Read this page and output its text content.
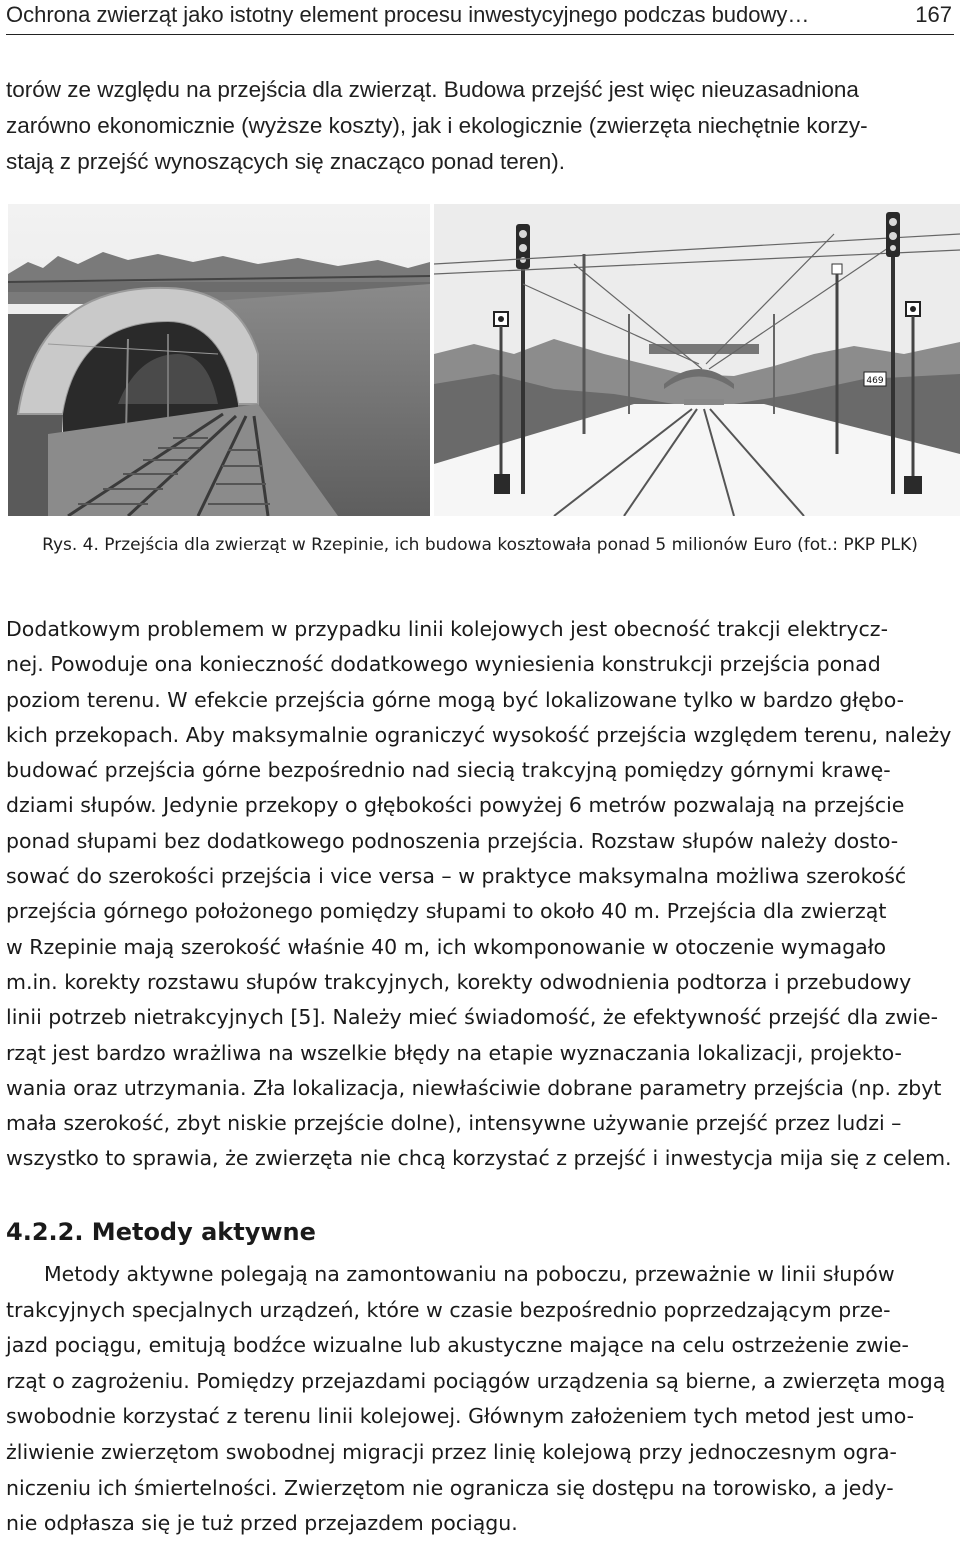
Ochrona zwierząt jako istotny element procesu inwestycyjnego podczas budowy…	167
torów ze względu na przejścia dla zwierząt. Budowa przejść jest więc nieuzasadniona
zarówno ekonomicznie (wyższe koszty), jak i ekologicznie (zwierzęta niechętnie korzy-
stają z przejść wynoszących się znacząco ponad teren).
469
Rys. 4. Przejścia dla zwierząt w Rzepinie, ich budowa kosztowała ponad 5 milionów Euro (fot.: PKP PLK)
Dodatkowym problemem w przypadku linii kolejowych jest obecność trakcji elektrycz-
nej. Powoduje ona konieczność dodatkowego wyniesienia konstrukcji przejścia ponad
poziom terenu. W efekcie przejścia górne mogą być lokalizowane tylko w bardzo głębo-
kich przekopach. Aby maksymalnie ograniczyć wysokość przejścia względem terenu, należy
budować przejścia górne bezpośrednio nad siecią trakcyjną pomiędzy górnymi krawę-
dziami słupów. Jedynie przekopy o głębokości powyżej 6 metrów pozwalają na przejście
ponad słupami bez dodatkowego podnoszenia przejścia. Rozstaw słupów należy dosto-
sować do szerokości przejścia i vice versa – w praktyce maksymalna możliwa szerokość
przejścia górnego położonego pomiędzy słupami to około 40 m. Przejścia dla zwierząt
w Rzepinie mają szerokość właśnie 40 m, ich wkomponowanie w otoczenie wymagało
m.in. korekty rozstawu słupów trakcyjnych, korekty odwodnienia podtorza i przebudowy
linii potrzeb nietrakcyjnych [5]. Należy mieć świadomość, że efektywność przejść dla zwie-
rząt jest bardzo wrażliwa na wszelkie błędy na etapie wyznaczania lokalizacji, projekto-
wania oraz utrzymania. Zła lokalizacja, niewłaściwie dobrane parametry przejścia (np. zbyt
mała szerokość, zbyt niskie przejście dolne), intensywne używanie przejść przez ludzi –
wszystko to sprawia, że zwierzęta nie chcą korzystać z przejść i inwestycja mija się z celem.
4.2.2. Metody aktywne
Metody aktywne polegają na zamontowaniu na poboczu, przeważnie w linii słupów
trakcyjnych specjalnych urządzeń, które w czasie bezpośrednio poprzedzającym prze-
jazd pociągu, emitują bodźce wizualne lub akustyczne mające na celu ostrzeżenie zwie-
rząt o zagrożeniu. Pomiędzy przejazdami pociągów urządzenia są bierne, a zwierzęta mogą
swobodnie korzystać z terenu linii kolejowej. Głównym założeniem tych metod jest umo-
żliwienie zwierzętom swobodnej migracji przez linię kolejową przy jednoczesnym ogra-
niczeniu ich śmiertelności. Zwierzętom nie ogranicza się dostępu na torowisko, a jedy-
nie odpłasza się je tuż przed przejazdem pociągu.
